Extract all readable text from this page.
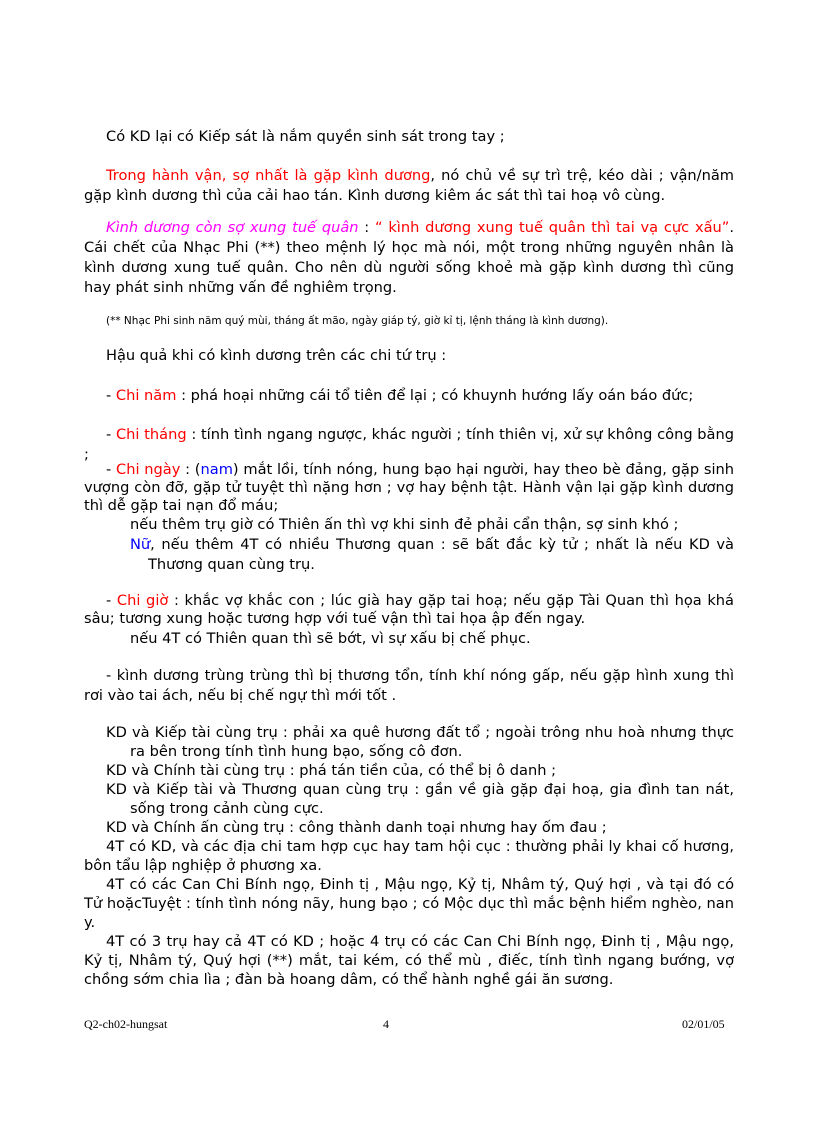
Có KD lại có Kiếp sát là nắm quyền sinh sát trong tay ;

Trong hành vận, sợ nhất là gặp kình dương, nó chủ về sự trì trệ, kéo dài ; vận/năm gặp kình dương thì của cải hao tán. Kình dương kiêm ác sát thì tai hoạ vô cùng.

Kình dương còn sợ xung tuế quân : “ kình dương xung tuế quân thì tai vạ cực xấu”. Cái chết của Nhạc Phi (**) theo mệnh lý học mà nói, một trong những nguyên nhân là kình dương xung tuế quân. Cho nên dù người sống khoẻ mà gặp kình dương thì cũng hay phát sinh những vấn đề nghiêm trọng.

(** Nhạc Phi sinh năm quý mùi, tháng ất mão, ngày giáp tý, giờ kỉ tị, lệnh tháng là kình dương).

Hậu quả khi có kình dương trên các chi tứ trụ :

- Chi năm : phá hoại những cái tổ tiên để lại ; có khuynh hướng lấy oán báo đức;

- Chi tháng : tính tình ngang ngược, khác người ; tính thiên vị, xử sự không công bằng ;

- Chi ngày : (nam) mắt lồi, tính nóng, hung bạo hại người, hay theo bè đảng, gặp sinh vượng còn đỡ, gặp tử tuyệt thì nặng hơn ; vợ hay bệnh tật. Hành vận lại gặp kình dương thì dễ gặp tai nạn đổ máu;

nếu thêm trụ giờ có Thiên ấn thì vợ khi sinh đẻ phải cẩn thận, sợ sinh khó ;

Nữ, nếu thêm 4T có nhiều Thương quan : sẽ bất đắc kỳ tử ; nhất là nếu KD và Thương quan cùng trụ.

- Chi giờ : khắc vợ khắc con ; lúc già hay gặp tai hoạ; nếu gặp Tài Quan thì họa khá sâu; tương xung hoặc tương hợp với tuế vận thì tai họa ập đến ngay.

nếu 4T có Thiên quan thì sẽ bớt, vì sự xấu bị chế phục.

- kình dương trùng trùng thì bị thương tổn, tính khí nóng gấp, nếu gặp hình xung thì rơi vào tai ách, nếu bị chế ngự thì mới tốt .

KD và Kiếp tài cùng trụ : phải xa quê hương đất tổ ; ngoài trông nhu hoà nhưng thực ra bên trong tính tình hung bạo, sống cô đơn.

KD và Chính tài cùng trụ : phá tán tiền của, có thể bị ô danh ;

KD và Kiếp tài và Thương quan cùng trụ : gần về già gặp đại hoạ, gia đình tan nát, sống trong cảnh cùng cực.

KD và Chính ấn cùng trụ : công thành danh toại nhưng hay ốm đau ;

4T có KD, và các địa chi tam hợp cục hay tam hội cục : thường phải ly khai cố hương, bôn tẩu lập nghiệp ở phương xa.

4T có các Can Chi Bính ngọ, Đinh tị , Mậu ngọ, Kỷ tị, Nhâm tý, Quý hợi , và tại đó có Tử hoặcTuyệt : tính tình nóng nãy, hung bạo ; có Mộc dục thì mắc bệnh hiểm nghèo, nan y.

4T có 3 trụ hay cả 4T có KD ; hoặc 4 trụ có các Can Chi Bính ngọ, Đinh tị , Mậu ngọ, Kỷ tị, Nhâm tý, Quý hợi (**) mắt, tai kém, có thể mù , điếc, tính tình ngang bướng, vợ chồng sớm chia lìa ; đàn bà hoang dâm, có thể hành nghề gái ăn sương.

Q2-ch02-hungsat	4	02/01/05
